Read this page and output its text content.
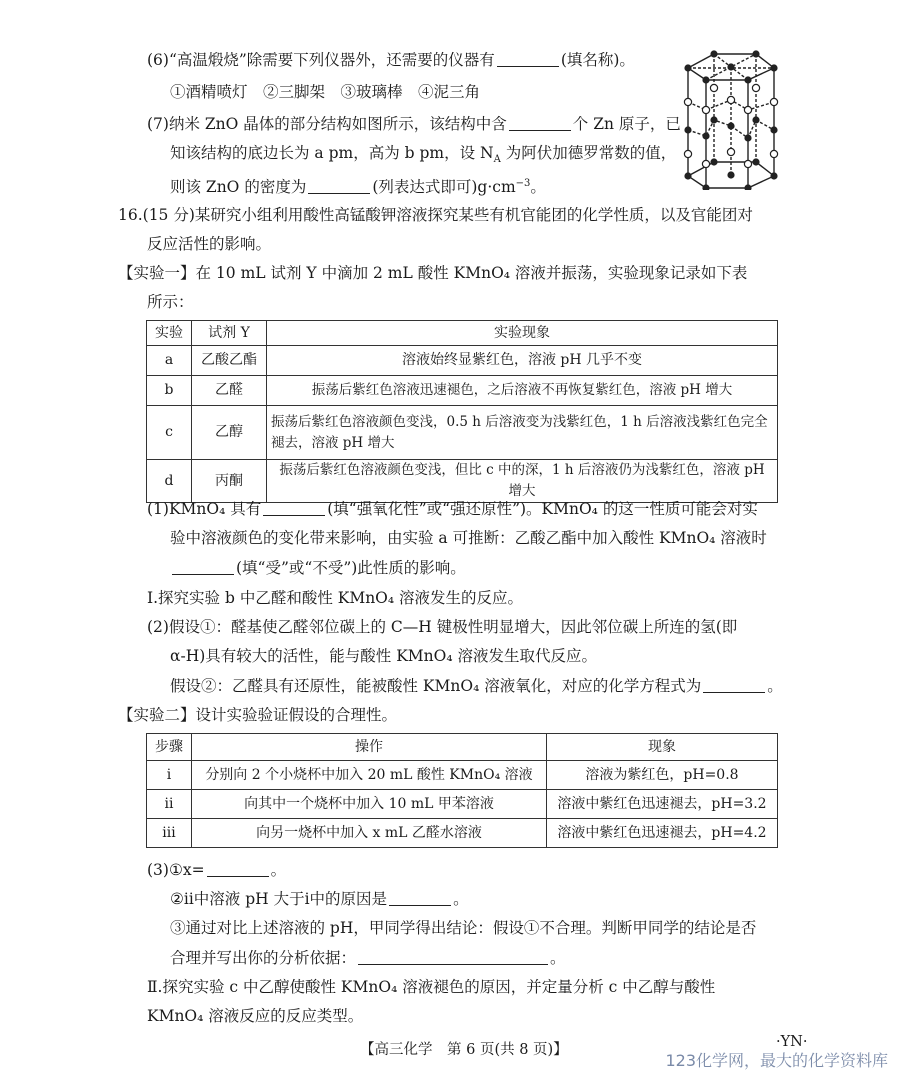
(6)“高温煅烧”除需要下列仪器外，还需要的仪器有	(填名称)。
①酒精喷灯　②三脚架　③玻璃棒　④泥三角
(7)纳米 ZnO 晶体的部分结构如图所示，该结构中含	个 Zn 原子，已
知该结构的底边长为 a pm，高为 b pm，设 $N_A$ 为阿伏加德罗常数的值，
则该 ZnO 的密度为	(列表达式即可)$g\cdot cm^{-3}$。
16.(15 分)某研究小组利用酸性高锰酸钾溶液探究某些有机官能团的化学性质，以及官能团对
反应活性的影响。
【实验一】在 10 mL 试剂 Y 中滴加 2 mL 酸性 KMnO₄ 溶液并振荡，实验现象记录如下表
所示：
实验	试剂 Y	实验现象
a	乙酸乙酯	溶液始终显紫红色，溶液 pH 几乎不变
b	乙醛	振荡后紫红色溶液迅速褪色，之后溶液不再恢复紫红色，溶液 pH 增大
c	乙醇	振荡后紫红色溶液颜色变浅，0.5 h 后溶液变为浅紫红色，1 h 后溶液浅紫红色完全
褪去，溶液 pH 增大

d	丙酮	振荡后紫红色溶液颜色变浅，但比 c 中的深，1 h 后溶液仍为浅紫红色，溶液 pH 增大
(1)KMnO₄ 具有	(填“强氧化性”或“强还原性”)。KMnO₄ 的这一性质可能会对实
验中溶液颜色的变化带来影响，由实验 a 可推断：乙酸乙酯中加入酸性 KMnO₄ 溶液时
(填“受”或“不受”)此性质的影响。
Ⅰ.探究实验 b 中乙醛和酸性 KMnO₄ 溶液发生的反应。
(2)假设①：醛基使乙醛邻位碳上的 C—H 键极性明显增大，因此邻位碳上所连的氢(即
α-H)具有较大的活性，能与酸性 KMnO₄ 溶液发生取代反应。
假设②：乙醛具有还原性，能被酸性 KMnO₄ 溶液氧化，对应的化学方程式为	。
【实验二】设计实验验证假设的合理性。
步骤	操作	现象
ⅰ	分别向 2 个小烧杯中加入 20 mL 酸性 KMnO₄ 溶液	溶液为紫红色，pH=0.8
ⅱ	向其中一个烧杯中加入 10 mL 甲苯溶液	溶液中紫红色迅速褪去，pH=3.2
ⅲ	向另一烧杯中加入 x mL 乙醛水溶液	溶液中紫红色迅速褪去，pH=4.2
(3)①x=	。
②ⅱ中溶液 pH 大于ⅰ中的原因是	。
③通过对比上述溶液的 pH，甲同学得出结论：假设①不合理。判断甲同学的结论是否
合理并写出你的分析依据：	。
Ⅱ.探究实验 c 中乙醇使酸性 KMnO₄ 溶液褪色的原因，并定量分析 c 中乙醇与酸性
KMnO₄ 溶液反应的反应类型。
【高三化学　第 6 页(共 8 页)】	·YN·
123化学网，最大的化学资料库
